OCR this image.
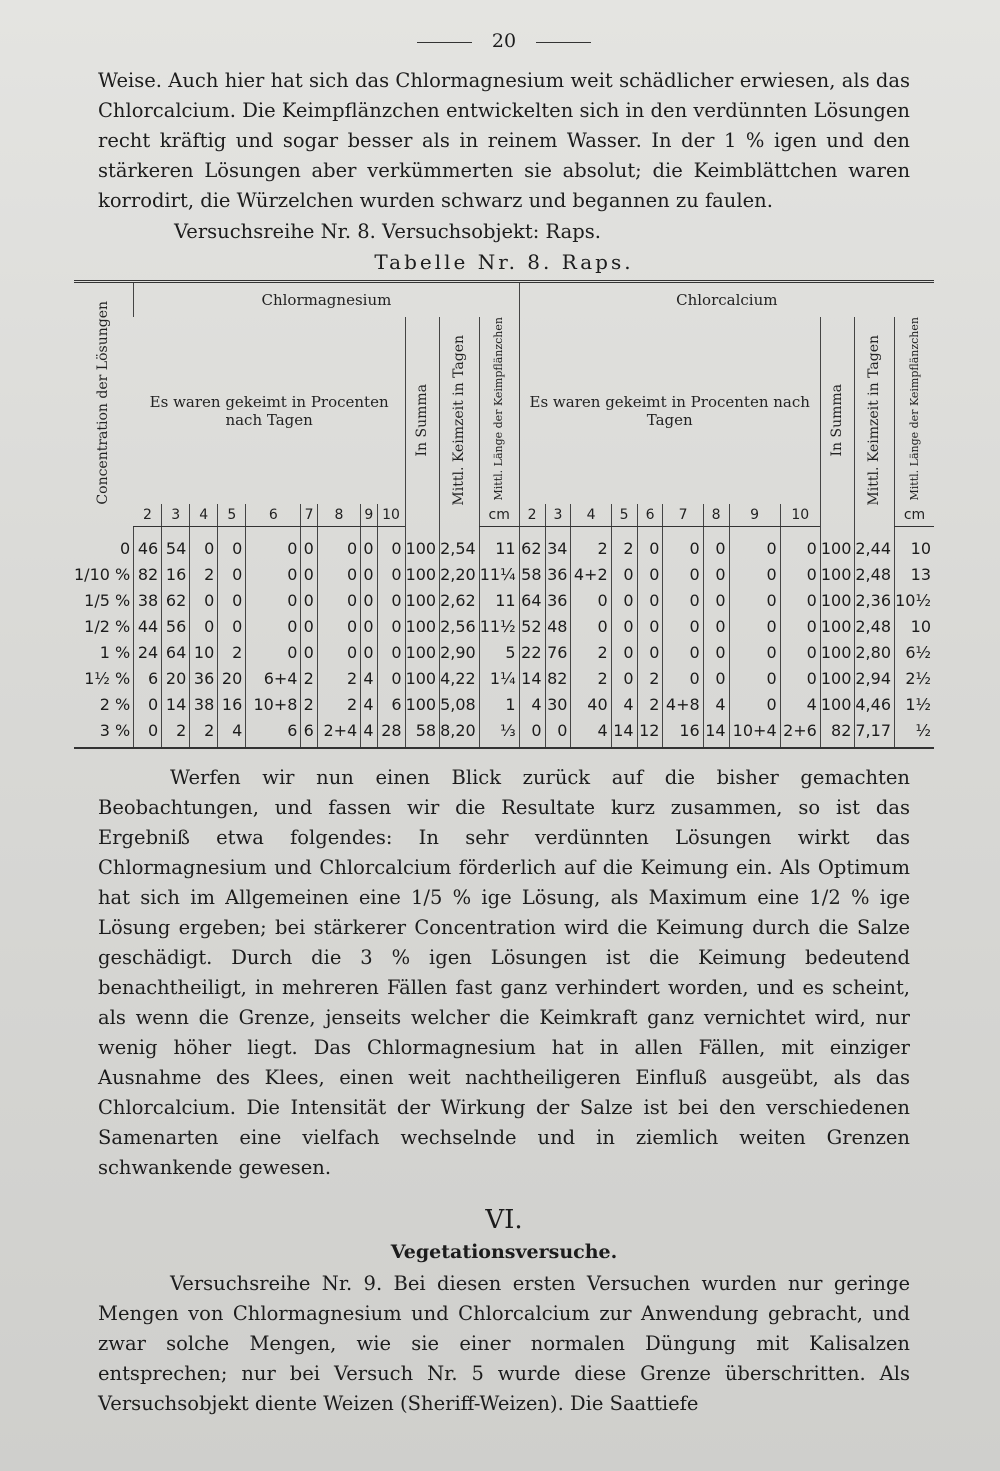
20

Weise. Auch hier hat sich das Chlormagnesium weit schädlicher erwiesen, als das Chlorcalcium. Die Keimpflänzchen entwickelten sich in den verdünnten Lösungen recht kräftig und sogar besser als in reinem Wasser. In der 1 % igen und den stärkeren Lösungen aber verkümmerten sie absolut; die Keimblättchen waren korrodirt, die Würzelchen wurden schwarz und begannen zu faulen.

Versuchsreihe Nr. 8. Versuchsobjekt: Raps.
Tabelle Nr. 8. Raps.
Concentration der Lösungen	Chlormagnesium												Chlorcalcium											
	Es waren gekeimt in Procenten nach Tagen									In Summa	Mittl. Keimzeit in Tagen	Mittl. Länge der Keimpflänzchen	Es waren gekeimt in Procenten nach Tagen									In Summa	Mittl. Keimzeit in Tagen	Mittl. Länge der Keimpflänzchen
	2	3	4	5	6	7	8	9	10			cm	2	3	4	5	6	7	8	9	10			cm
0	46	54	0	0	0	0	0	0	0	100	2,54	11	62	34	2	2	0	0	0	0	0	100	2,44	10
1/10 %	82	16	2	0	0	0	0	0	0	100	2,20	11¼	58	36	4+2	0	0	0	0	0	0	100	2,48	13
1/5 %	38	62	0	0	0	0	0	0	0	100	2,62	11	64	36	0	0	0	0	0	0	0	100	2,36	10½
1/2 %	44	56	0	0	0	0	0	0	0	100	2,56	11½	52	48	0	0	0	0	0	0	0	100	2,48	10
1 %	24	64	10	2	0	0	0	0	0	100	2,90	5	22	76	2	0	0	0	0	0	0	100	2,80	6½
1½ %	6	20	36	20	6+4	2	2	4	0	100	4,22	1¼	14	82	2	0	2	0	0	0	0	100	2,94	2½
2 %	0	14	38	16	10+8	2	2	4	6	100	5,08	1	4	30	40	4	2	4+8	4	0	4	100	4,46	1½
3 %	0	2	2	4	6	6	2+4	4	28	58	8,20	⅓	0	0	4	14	12	16	14	10+4	2+6	82	7,17	½

Werfen wir nun einen Blick zurück auf die bisher gemachten Beobachtungen, und fassen wir die Resultate kurz zusammen, so ist das Ergebniß etwa folgendes: In sehr verdünnten Lösungen wirkt das Chlormagnesium und Chlorcalcium förderlich auf die Keimung ein. Als Optimum hat sich im Allgemeinen eine 1/5 % ige Lösung, als Maximum eine 1/2 % ige Lösung ergeben; bei stärkerer Concentration wird die Keimung durch die Salze geschädigt. Durch die 3 % igen Lösungen ist die Keimung bedeutend benachtheiligt, in mehreren Fällen fast ganz verhindert worden, und es scheint, als wenn die Grenze, jenseits welcher die Keimkraft ganz vernichtet wird, nur wenig höher liegt. Das Chlormagnesium hat in allen Fällen, mit einziger Ausnahme des Klees, einen weit nachtheiligeren Einfluß ausgeübt, als das Chlorcalcium. Die Intensität der Wirkung der Salze ist bei den verschiedenen Samenarten eine vielfach wechselnde und in ziemlich weiten Grenzen schwankende gewesen.

VI.
Vegetationsversuche.

Versuchsreihe Nr. 9. Bei diesen ersten Versuchen wurden nur geringe Mengen von Chlormagnesium und Chlorcalcium zur Anwendung gebracht, und zwar solche Mengen, wie sie einer normalen Düngung mit Kalisalzen entsprechen; nur bei Versuch Nr. 5 wurde diese Grenze überschritten. Als Versuchsobjekt diente Weizen (Sheriff-Weizen). Die Saattiefe
